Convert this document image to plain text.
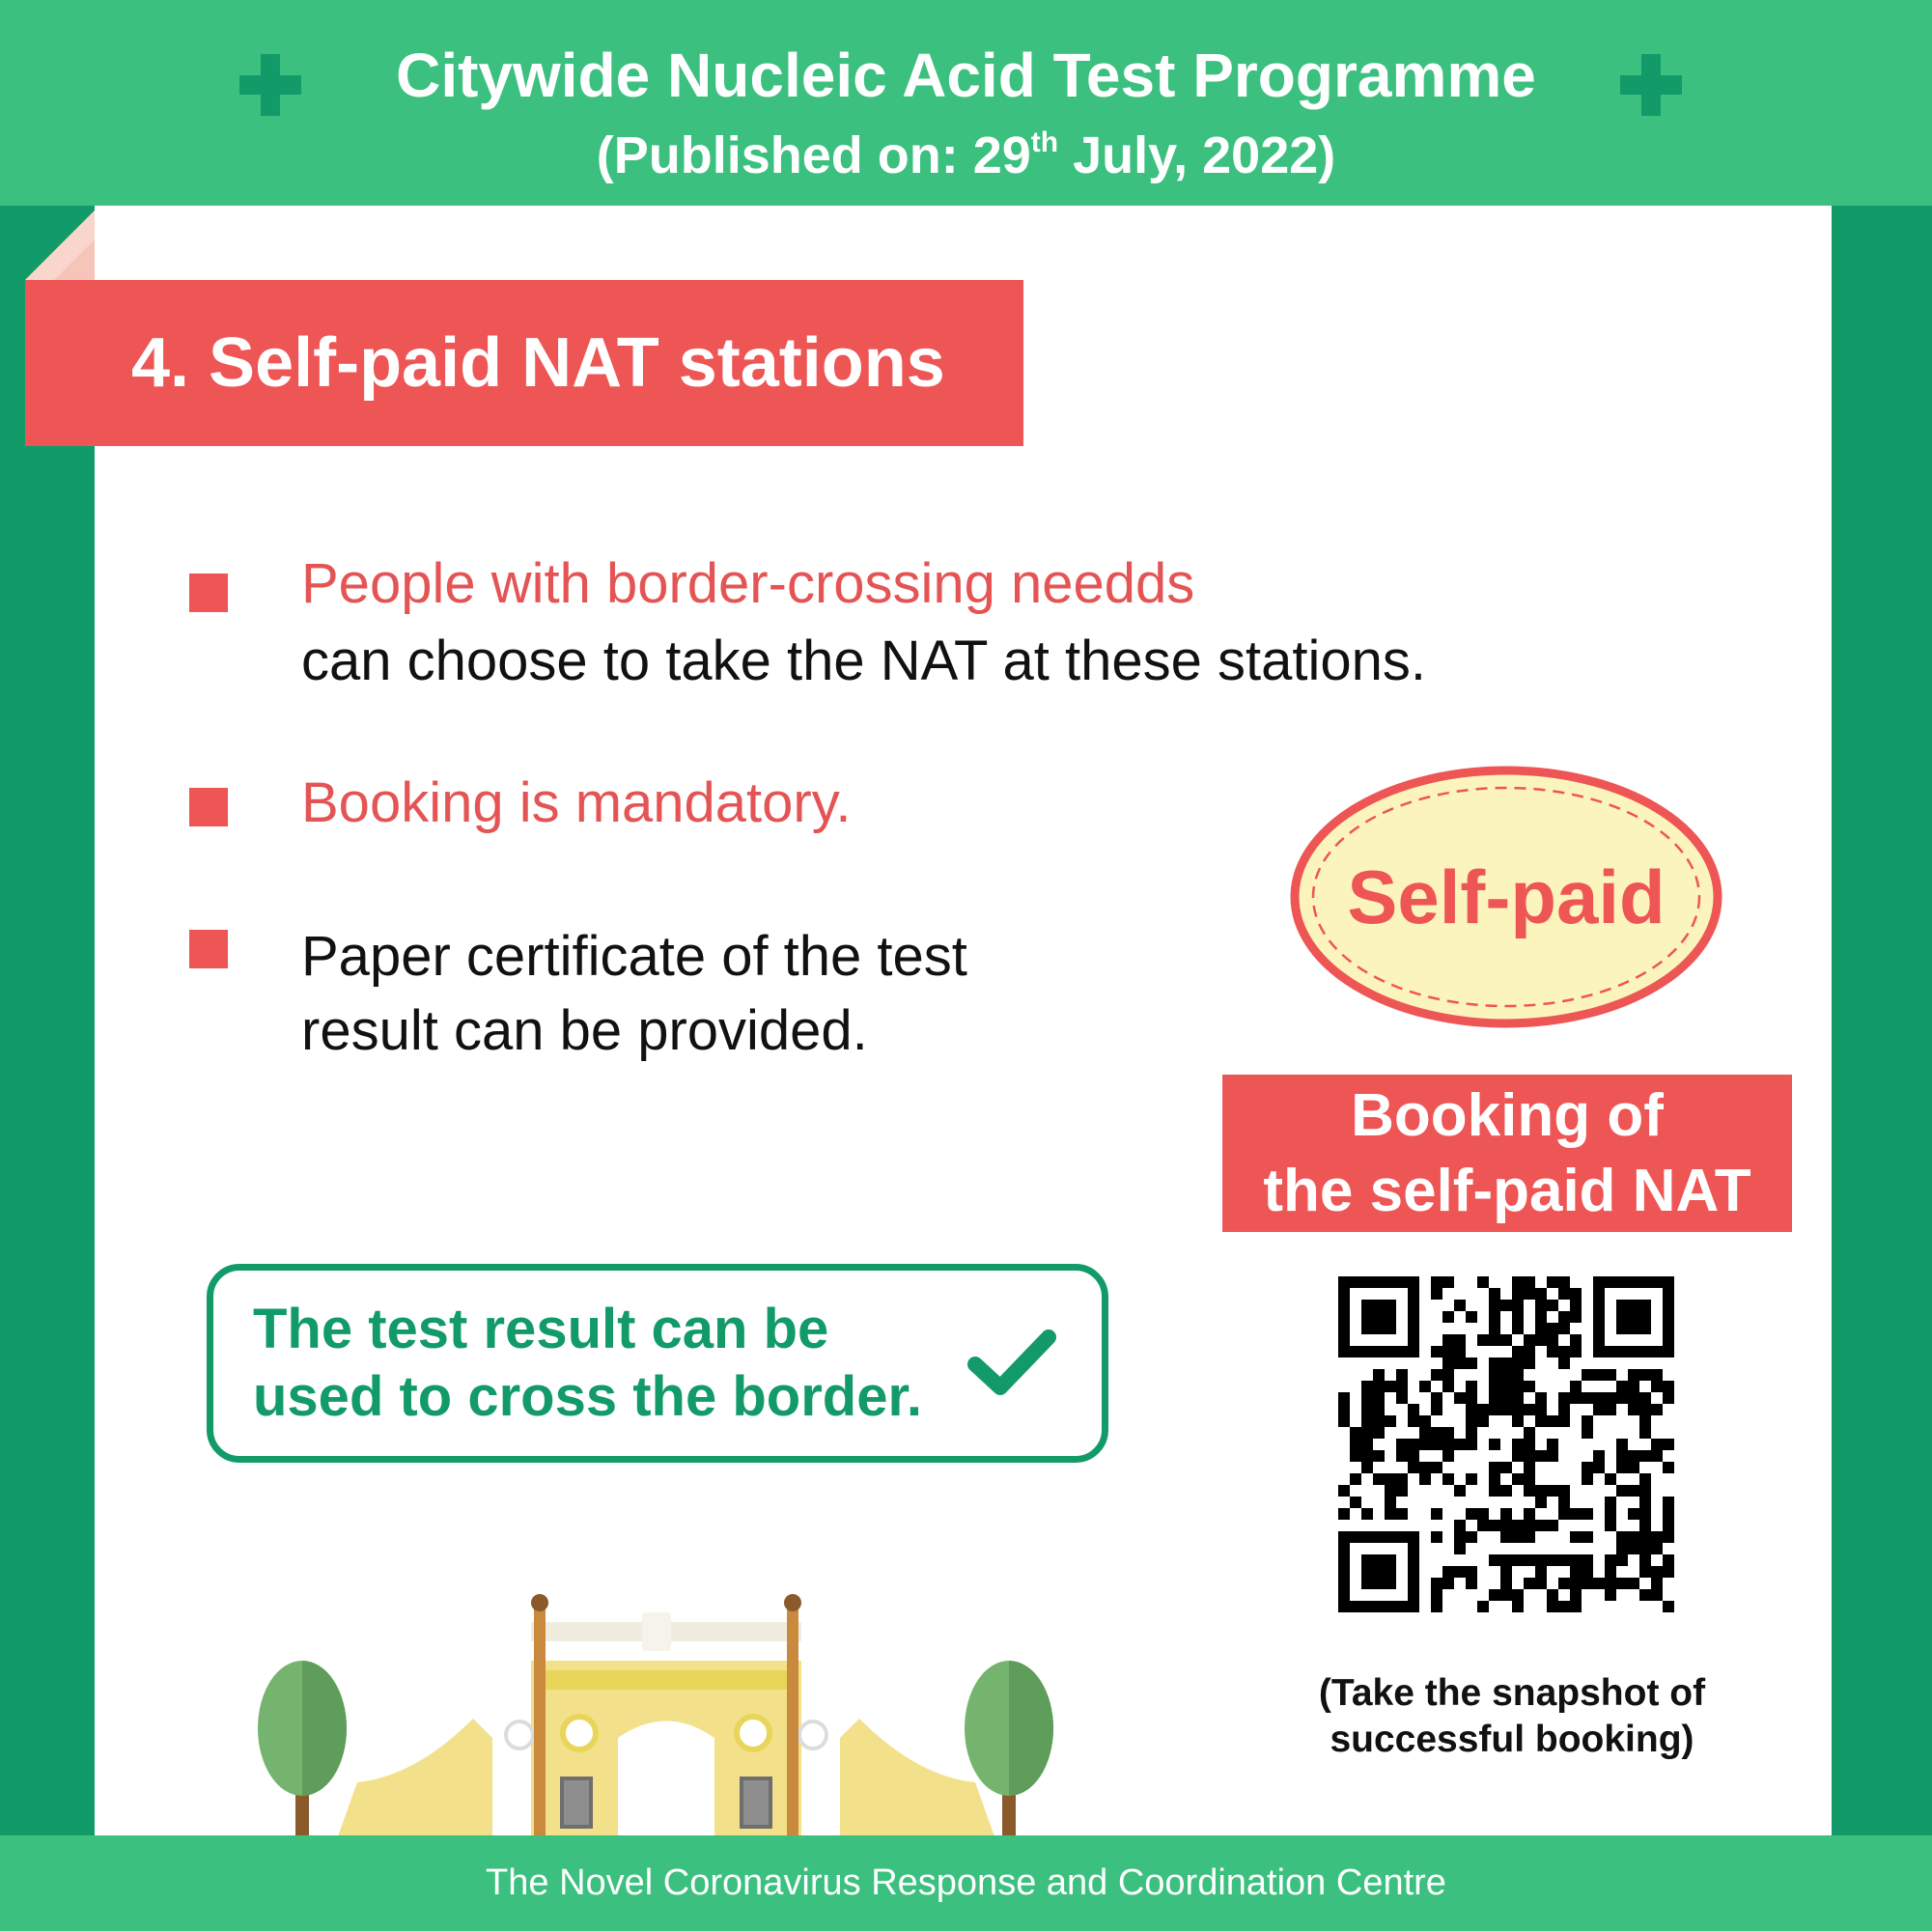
Citywide Nucleic Acid Test Programme
(Published on: 29th July, 2022)
4. Self-paid NAT stations
People with border-crossing needds
can choose to take the NAT at these stations.
Booking is mandatory.
Paper certificate of the test
result can be provided.
Self-paid
Booking of
the self-paid NAT
(Take the snapshot of
successful booking)
The test result can be
used to cross the border.
The Novel Coronavirus Response and Coordination Centre
